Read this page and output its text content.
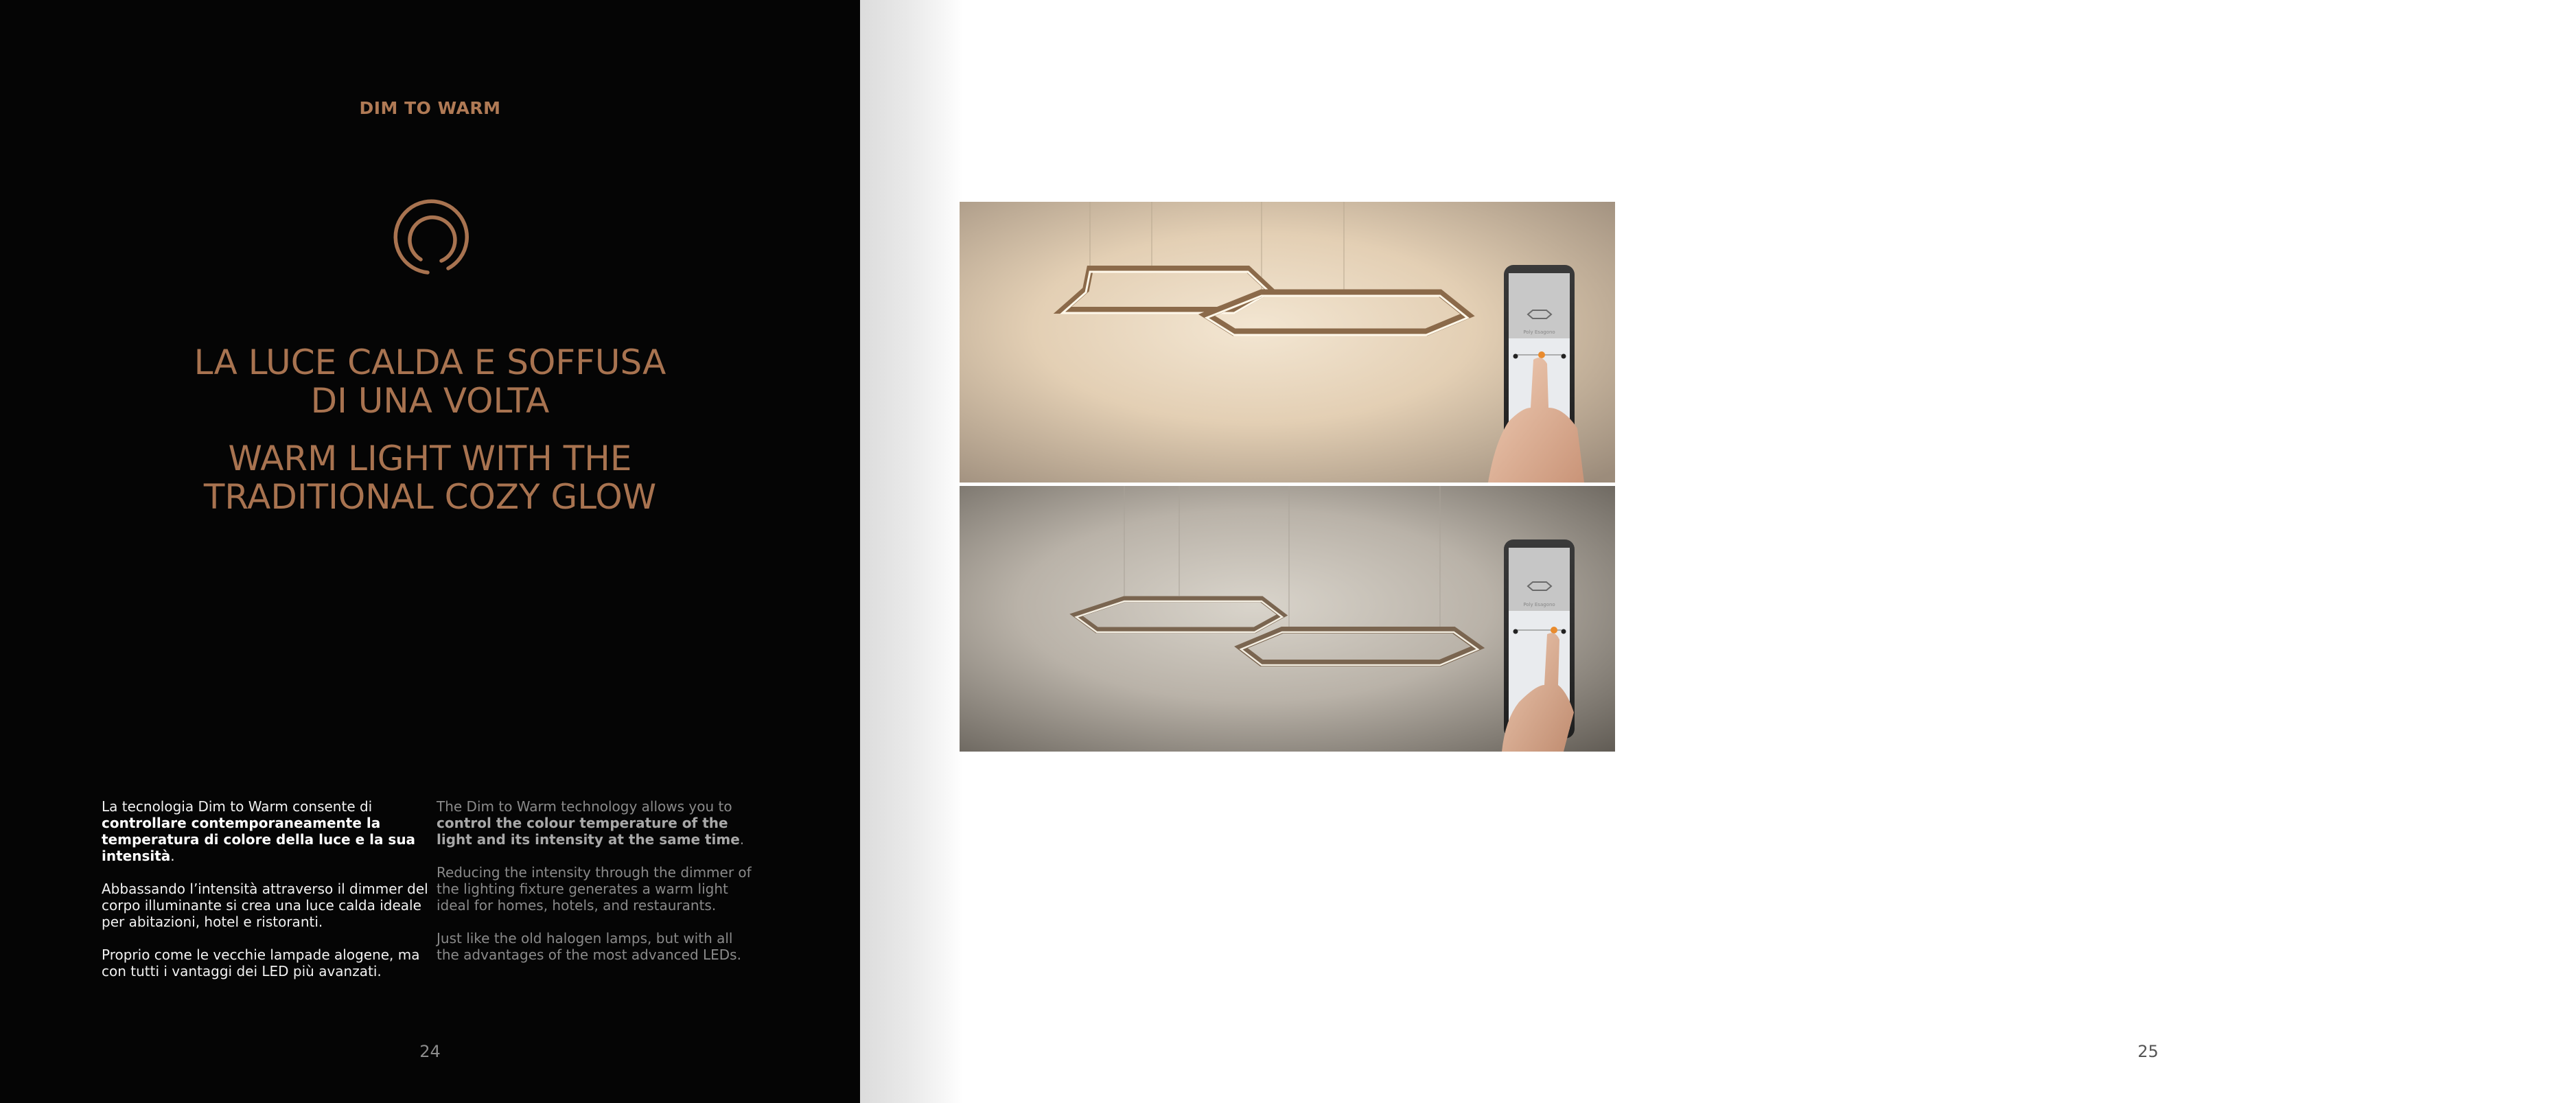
DIM TO WARM
LA LUCE CALDA E SOFFUSA
DI UNA VOLTA
WARM LIGHT WITH THE
TRADITIONAL COZY GLOW

La tecnologia Dim to Warm consente di controllare contemporaneamente la temperatura di colore della luce e la sua intensità.

Abbassando l’intensità attraverso il dimmer del corpo illuminante si crea una luce calda ideale per abitazioni, hotel e ristoranti.

Proprio come le vecchie lampade alogene, ma con tutti i vantaggi dei LED più avanzati.

The Dim to Warm technology allows you to control the colour temperature of the light and its intensity at the same time.

Reducing the intensity through the dimmer of the lighting fixture generates a warm light ideal for homes, hotels, and restaurants.

Just like the old halogen lamps, but with all the advantages of the most advanced LEDs.

24	25
Poly Esagono
Poly Esagono
